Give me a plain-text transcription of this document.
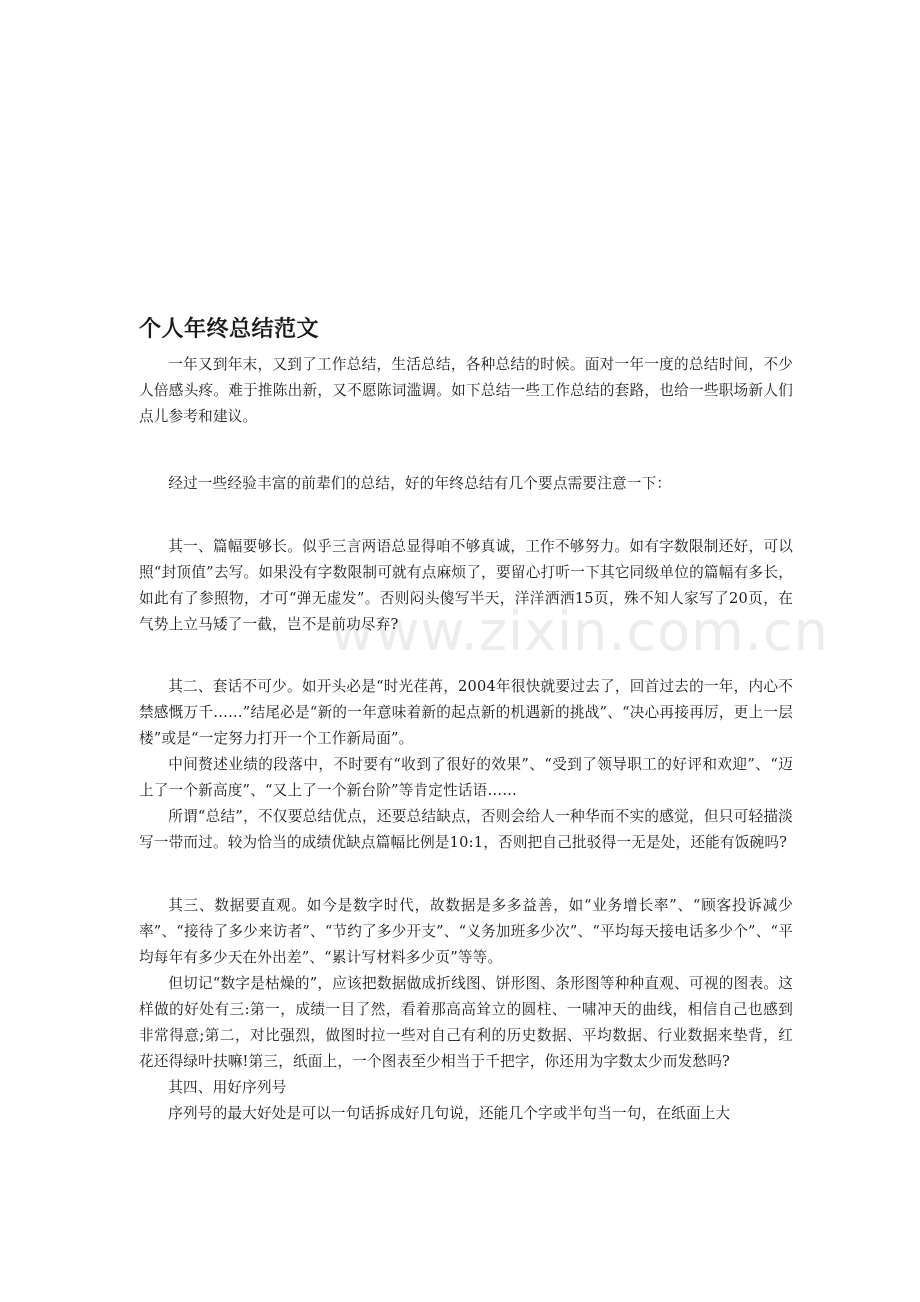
www.zixin.com.cn
个人年终总结范文

一年又到年末，又到了工作总结，生活总结，各种总结的时候。面对一年一度的总结时间，不少人倍感头疼。难于推陈出新，又不愿陈词滥调。如下总结一些工作总结的套路，也给一些职场新人们点儿参考和建议。

经过一些经验丰富的前辈们的总结，好的年终总结有几个要点需要注意一下：

其一、篇幅要够长。似乎三言两语总显得咱不够真诚，工作不够努力。如有字数限制还好，可以照“封顶值”去写。如果没有字数限制可就有点麻烦了，要留心打听一下其它同级单位的篇幅有多长，如此有了参照物，才可“弹无虚发”。否则闷头傻写半天，洋洋洒洒15页，殊不知人家写了20页，在气势上立马矮了一截，岂不是前功尽弃?

其二、套话不可少。如开头必是“时光荏苒，2004年很快就要过去了，回首过去的一年，内心不禁感慨万千……”结尾必是“新的一年意味着新的起点新的机遇新的挑战”、“决心再接再厉，更上一层楼”或是“一定努力打开一个工作新局面”。

中间赘述业绩的段落中，不时要有“收到了很好的效果”、“受到了领导职工的好评和欢迎”、“迈上了一个新高度”、“又上了一个新台阶”等肯定性话语……

所谓“总结”，不仅要总结优点，还要总结缺点，否则会给人一种华而不实的感觉，但只可轻描淡写一带而过。较为恰当的成绩优缺点篇幅比例是10:1，否则把自己批驳得一无是处，还能有饭碗吗?

其三、数据要直观。如今是数字时代，故数据是多多益善，如“业务增长率”、“顾客投诉减少率”、“接待了多少来访者”、“节约了多少开支”、“义务加班多少次”、“平均每天接电话多少个”、“平均每年有多少天在外出差”、“累计写材料多少页”等等。

但切记“数字是枯燥的”，应该把数据做成折线图、饼形图、条形图等种种直观、可视的图表。这样做的好处有三:第一，成绩一目了然，看着那高高耸立的圆柱、一啸冲天的曲线，相信自己也感到非常得意;第二，对比强烈，做图时拉一些对自己有利的历史数据、平均数据、行业数据来垫背，红花还得绿叶扶嘛!第三，纸面上，一个图表至少相当于千把字，你还用为字数太少而发愁吗?

其四、用好序列号

序列号的最大好处是可以一句话拆成好几句说，还能几个字或半句当一句，在纸面上大
